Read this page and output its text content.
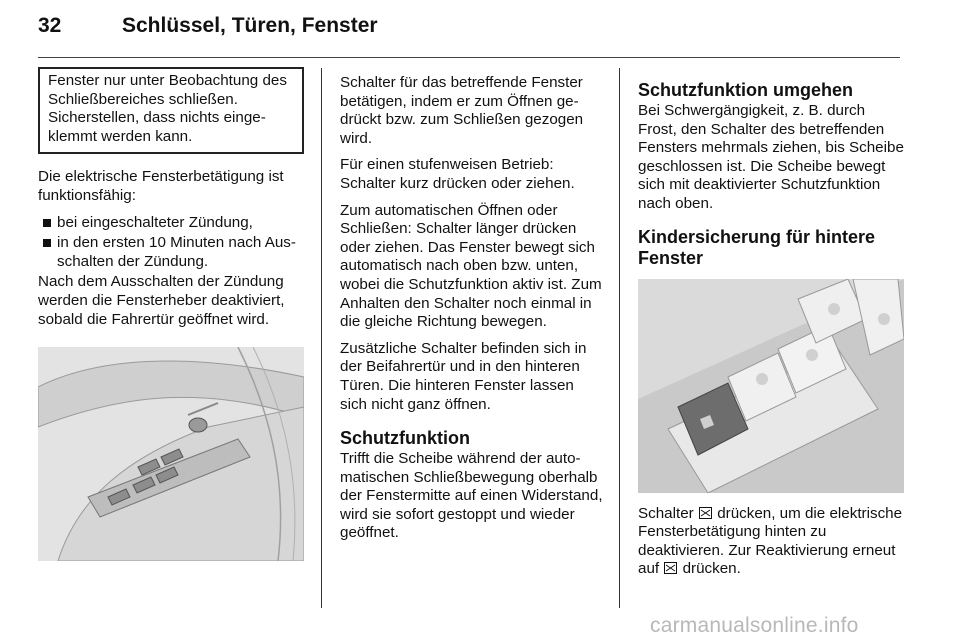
32	Schlüssel, Türen, Fenster
Fenster nur unter Beobachtung des Schließbereiches schließen. Sicherstellen, dass nichts eingeklemmt werden kann.

Die elektrische Fensterbetätigung ist funktionsfähig:

bei eingeschalteter Zündung,
in den ersten 10 Minuten nach Ausschalten der Zündung.

Nach dem Ausschalten der Zündung werden die Fensterheber deaktiviert, sobald die Fahrertür geöffnet wird.

Schalter für das betreffende Fenster betätigen, indem er zum Öffnen gedrückt bzw. zum Schließen gezogen wird.

Für einen stufenweisen Betrieb: Schalter kurz drücken oder ziehen.

Zum automatischen Öffnen oder Schließen: Schalter länger drücken oder ziehen. Das Fenster bewegt sich automatisch nach oben bzw. unten, wobei die Schutzfunktion aktiv ist. Zum Anhalten den Schalter noch einmal in die gleiche Richtung bewegen.

Zusätzliche Schalter befinden sich in der Beifahrertür und in den hinteren Türen. Die hinteren Fenster lassen sich nicht ganz öffnen.

Schutzfunktion

Trifft die Scheibe während der automatischen Schließbewegung oberhalb der Fenstermitte auf einen Widerstand, wird sie sofort gestoppt und wieder geöffnet.

Schutzfunktion umgehen

Bei Schwergängigkeit, z. B. durch Frost, den Schalter des betreffenden Fensters mehrmals ziehen, bis Scheibe geschlossen ist. Die Scheibe bewegt sich mit deaktivierter Schutzfunktion nach oben.

Kindersicherung für hintere Fenster

Schalter drücken, um die elektrische Fensterbetätigung hinten zu deaktivieren. Zur Reaktivierung erneut auf drücken.

carmanualsonline.info
